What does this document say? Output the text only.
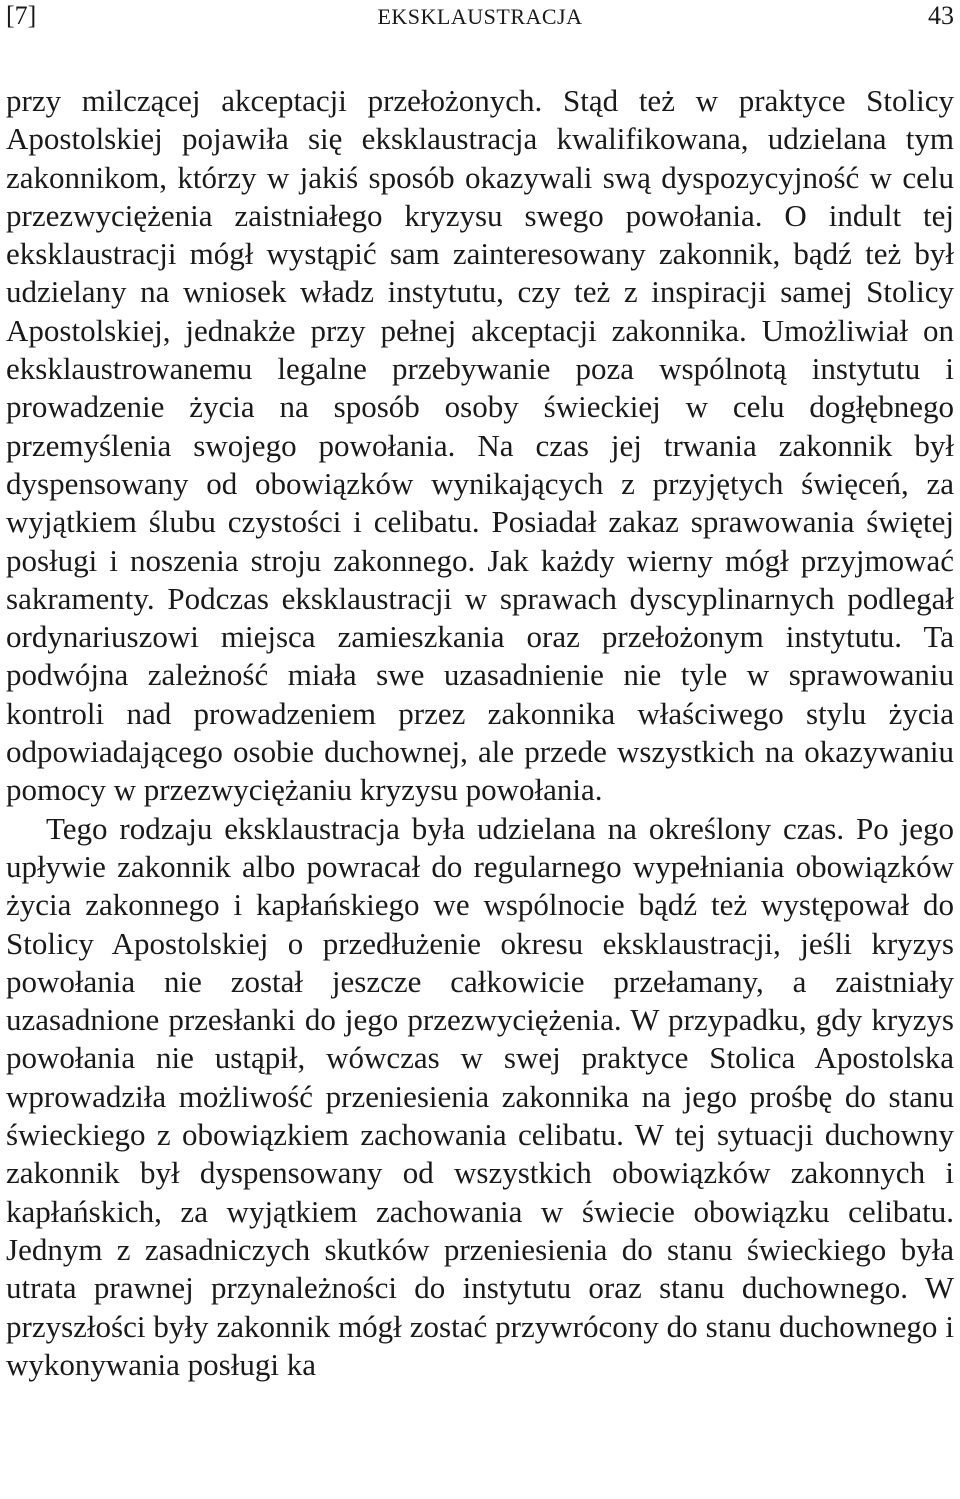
[7]	EKSKLAUSTRACJA	43

przy milczącej akceptacji przełożonych. Stąd też w praktyce Stolicy Apostolskiej pojawiła się eksklaustracja kwalifikowana, udzielana tym zakonnikom, którzy w jakiś sposób okazywali swą dyspozycyjność w celu przezwyciężenia zaistniałego kryzysu swego powołania. O indult tej eksklaustracji mógł wystąpić sam zainteresowany zakonnik, bądź też był udzielany na wniosek władz instytutu, czy też z inspiracji samej Stolicy Apostolskiej, jednakże przy pełnej akceptacji zakonnika. Umożliwiał on eksklaustrowanemu legalne przebywanie poza wspólnotą instytutu i prowadzenie życia na sposób osoby świeckiej w celu dogłębnego przemyślenia swojego powołania. Na czas jej trwania zakonnik był dyspensowany od obowiązków wynikających z przyjętych święceń, za wyjątkiem ślubu czystości i celibatu. Posiadał zakaz sprawowania świętej posługi i noszenia stroju zakonnego. Jak każdy wierny mógł przyjmować sakramenty. Podczas eksklaustracji w sprawach dyscyplinarnych podlegał ordynariuszowi miejsca zamieszkania oraz przełożonym instytutu. Ta podwójna zależność miała swe uzasadnienie nie tyle w sprawowaniu kontroli nad prowadzeniem przez zakonnika właściwego stylu życia odpowiadającego osobie duchownej, ale przede wszystkich na okazywaniu pomocy w przezwyciężaniu kryzysu powołania.

Tego rodzaju eksklaustracja była udzielana na określony czas. Po jego upływie zakonnik albo powracał do regularnego wypełniania obowiązków życia zakonnego i kapłańskiego we wspólnocie bądź też występował do Stolicy Apostolskiej o przedłużenie okresu eksklaustracji, jeśli kryzys powołania nie został jeszcze całkowicie przełamany, a zaistniały uzasadnione przesłanki do jego przezwyciężenia. W przypadku, gdy kryzys powołania nie ustąpił, wówczas w swej praktyce Stolica Apostolska wprowadziła możliwość przeniesienia zakonnika na jego prośbę do stanu świeckiego z obowiązkiem zachowania celibatu. W tej sytuacji duchowny zakonnik był dyspensowany od wszystkich obowiązków zakonnych i kapłańskich, za wyjątkiem zachowania w świecie obowiązku celibatu. Jednym z zasadniczych skutków przeniesienia do stanu świeckiego była utrata prawnej przynależności do instytutu oraz stanu duchownego. W przyszłości były zakonnik mógł zostać przywrócony do stanu duchownego i wykonywania posługi ka
